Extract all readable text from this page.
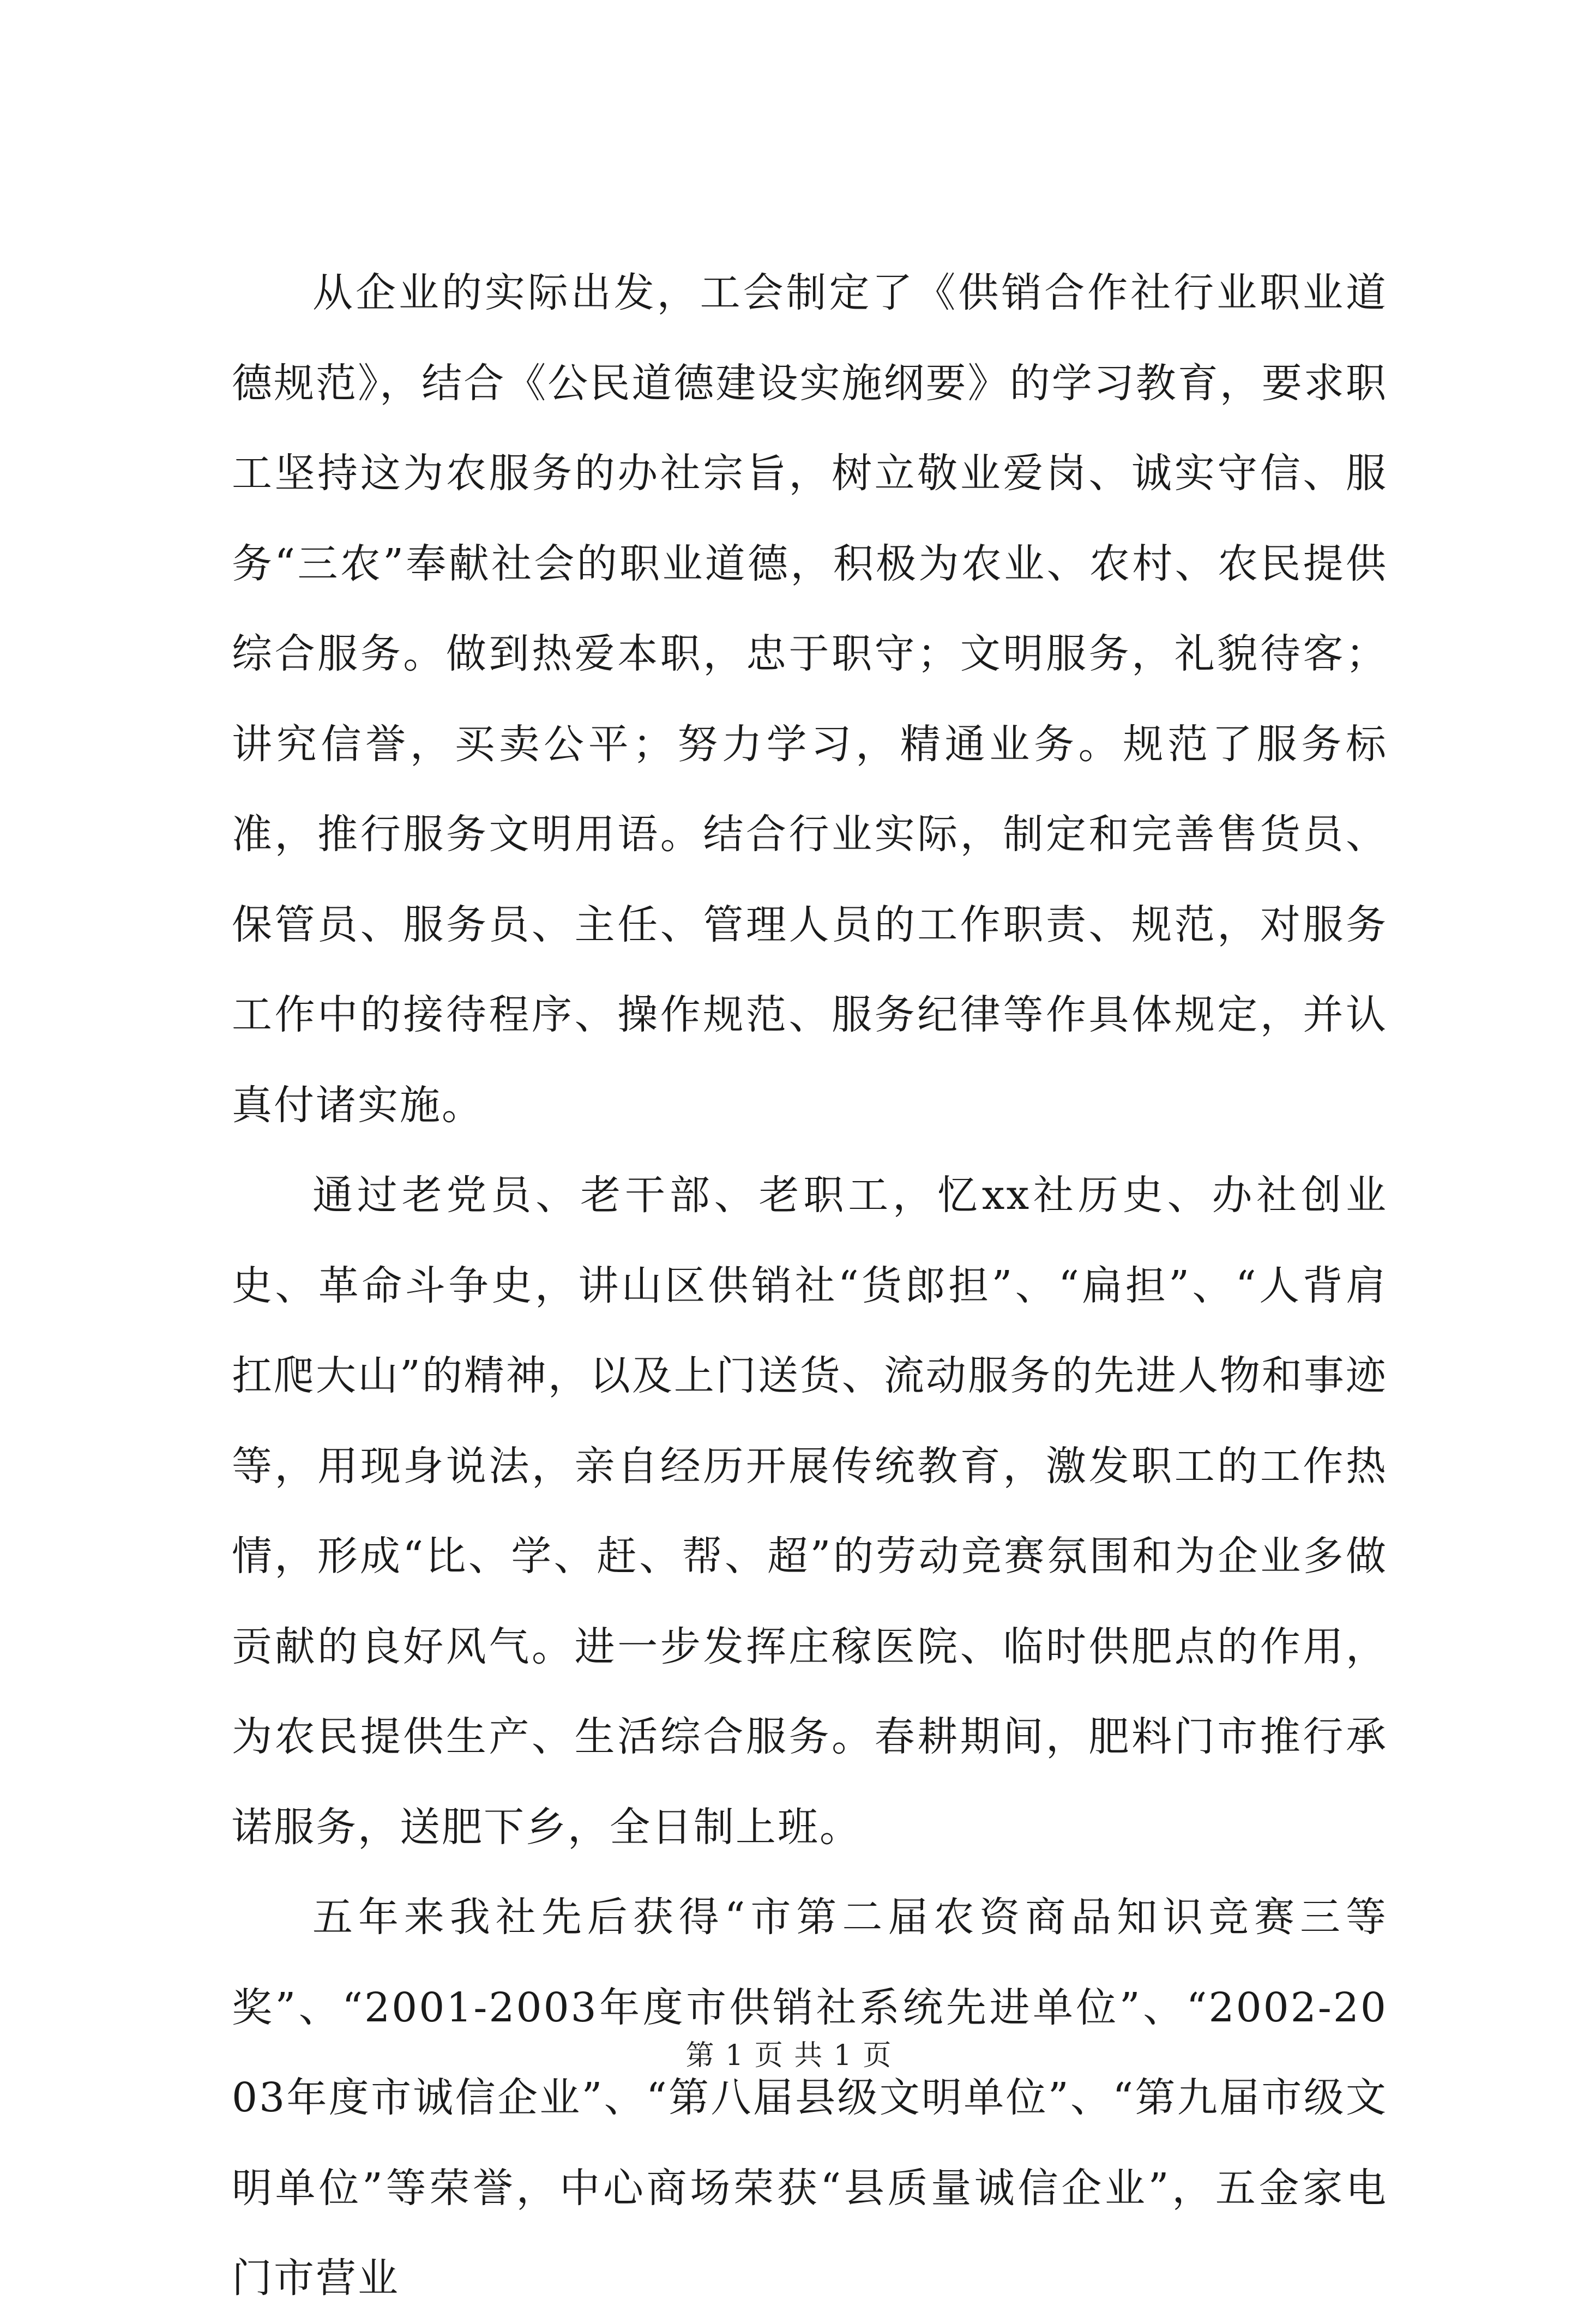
从企业的实际出发，工会制定了《供销合作社行业职业道德规范》，结合《公民道德建设实施纲要》的学习教育，要求职工坚持这为农服务的办社宗旨，树立敬业爱岗、诚实守信、服务“三农”奉献社会的职业道德，积极为农业、农村、农民提供综合服务。做到热爱本职，忠于职守；文明服务，礼貌待客；讲究信誉，买卖公平；努力学习，精通业务。规范了服务标准，推行服务文明用语。结合行业实际，制定和完善售货员、保管员、服务员、主任、管理人员的工作职责、规范，对服务工作中的接待程序、操作规范、服务纪律等作具体规定，并认真付诸实施。

通过老党员、老干部、老职工，忆xx社历史、办社创业史、革命斗争史，讲山区供销社“货郎担”、“扁担”、“人背肩扛爬大山”的精神，以及上门送货、流动服务的先进人物和事迹等，用现身说法，亲自经历开展传统教育，激发职工的工作热情，形成“比、学、赶、帮、超”的劳动竞赛氛围和为企业多做贡献的良好风气。进一步发挥庄稼医院、临时供肥点的作用，为农民提供生产、生活综合服务。春耕期间，肥料门市推行承诺服务，送肥下乡，全日制上班。

五年来我社先后获得“市第二届农资商品知识竞赛三等奖”、“2001-2003年度市供销社系统先进单位”、“2002-2003年度市诚信企业”、“第八届县级文明单位”、“第九届市级文明单位”等荣誉，中心商场荣获“县质量诚信企业”，五金家电门市营业

第 1 页 共 1 页
